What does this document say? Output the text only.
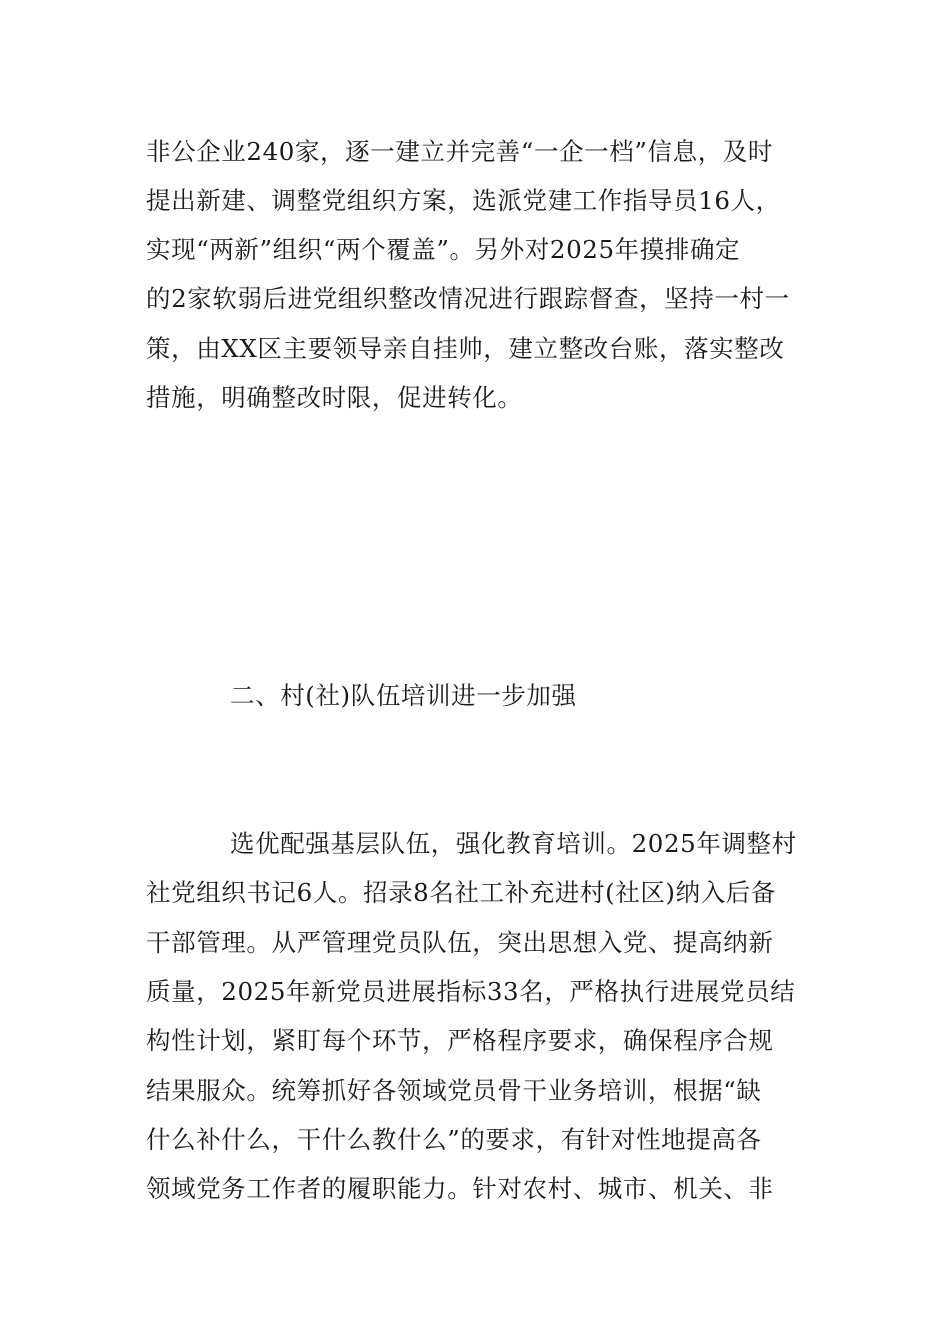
非公企业240家，逐一建立并完善“一企一档”信息，及时
提出新建、调整党组织方案，选派党建工作指导员16人，
实现“两新”组织“两个覆盖”。另外对2025年摸排确定
的2家软弱后进党组织整改情况进行跟踪督查，坚持一村一
策，由XX区主要领导亲自挂帅，建立整改台账，落实整改
措施，明确整改时限，促进转化。
二、村(社)队伍培训进一步加强
选优配强基层队伍，强化教育培训。2025年调整村
社党组织书记6人。招录8名社工补充进村(社区)纳入后备
干部管理。从严管理党员队伍，突出思想入党、提高纳新
质量，2025年新党员进展指标33名，严格执行进展党员结
构性计划，紧盯每个环节，严格程序要求，确保程序合规
结果服众。统筹抓好各领域党员骨干业务培训，根据“缺
什么补什么，干什么教什么”的要求，有针对性地提高各
领域党务工作者的履职能力。针对农村、城市、机关、非
